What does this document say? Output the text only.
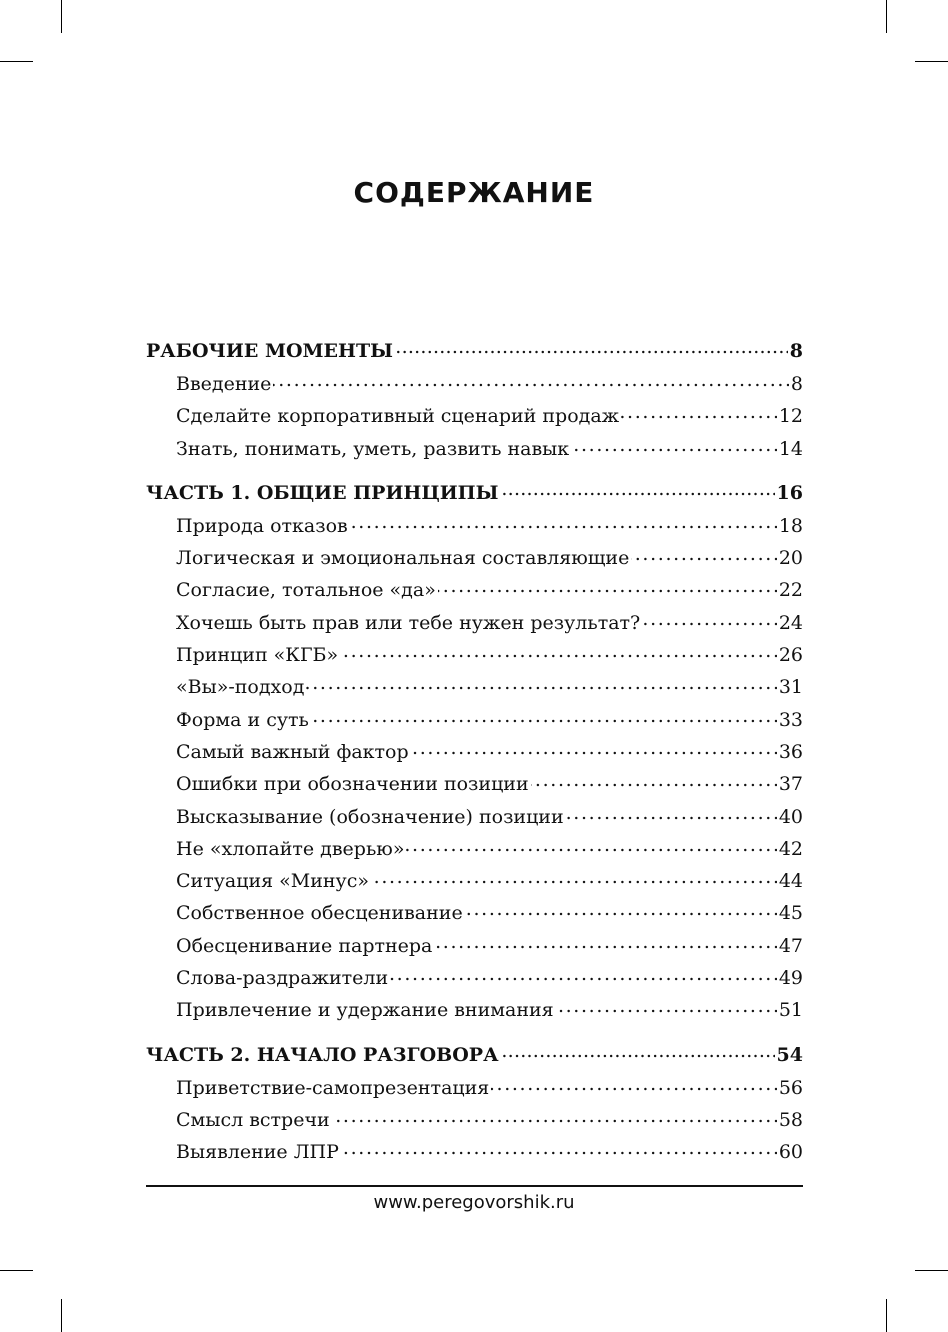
СОДЕРЖАНИЕ
РАБОЧИЕ МОМЕНТЫ . . .	8
Введение . . .	8
Сделайте корпоративный сценарий продаж . . .	12
Знать, понимать, уметь, развить навык . . .	14
ЧАСТЬ 1. ОБЩИЕ ПРИНЦИПЫ . . .	16
Природа отказов . . .	18
Логическая и эмоциональная составляющие . . .	20
Согласие, тотальное «да» . . .	22
Хочешь быть прав или тебе нужен результат? . . .	24
Принцип «КГБ» . . .	26
«Вы»-подход . . .	31
Форма и суть . . .	33
Самый важный фактор . . .	36
Ошибки при обозначении позиции . . .	37
Высказывание (обозначение) позиции . . .	40
Не «хлопайте дверью» . . .	42
Ситуация «Минус» . . .	44
Собственное обесценивание . . .	45
Обесценивание партнера . . .	47
Слова-раздражители . . .	49
Привлечение и удержание внимания . . .	51
ЧАСТЬ 2. НАЧАЛО РАЗГОВОРА . . .	54
Приветствие-самопрезентация . . .	56
Смысл встречи . . .	58
Выявление ЛПР . . .	60
www.peregovorshik.ru
